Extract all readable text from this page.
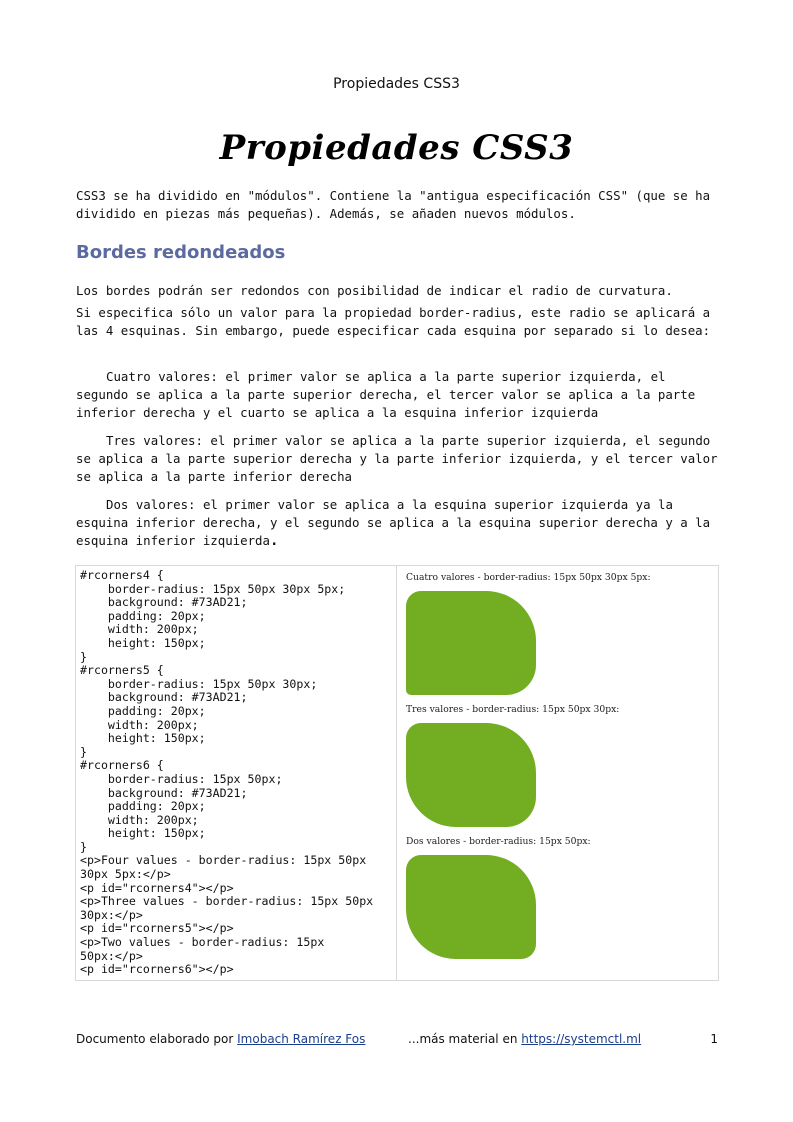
Propiedades CSS3
Propiedades CSS3
CSS3 se ha dividido en "módulos". Contiene la "antigua especificación CSS" (que se ha dividido en piezas más pequeñas). Además, se añaden nuevos módulos.
Bordes redondeados
Los bordes podrán ser redondos con posibilidad de indicar el radio de curvatura.
Si especifica sólo un valor para la propiedad border-radius, este radio se aplicará a las 4 esquinas. Sin embargo, puede especificar cada esquina por separado si lo desea:
Cuatro valores: el primer valor se aplica a la parte superior izquierda, el segundo se aplica a la parte superior derecha, el tercer valor se aplica a la parte inferior derecha y el cuarto se aplica a la esquina inferior izquierda
Tres valores: el primer valor se aplica a la parte superior izquierda, el segundo se aplica a la parte superior derecha y la parte inferior izquierda, y el tercer valor se aplica a la parte inferior derecha
Dos valores: el primer valor se aplica a la esquina superior izquierda ya la esquina inferior derecha, y el segundo se aplica a la esquina superior derecha y a la esquina inferior izquierda.
#rcorners4 {
border-radius: 15px 50px 30px 5px;
background: #73AD21;
padding: 20px;
width: 200px;
height: 150px;
}
#rcorners5 {
border-radius: 15px 50px 30px;
background: #73AD21;
padding: 20px;
width: 200px;
height: 150px;
}
#rcorners6 {
border-radius: 15px 50px;
background: #73AD21;
padding: 20px;
width: 200px;
height: 150px;
}
<p>Four values - border-radius: 15px 50px
30px 5px:</p>
<p id="rcorners4"></p>
<p>Three values - border-radius: 15px 50px
30px:</p>
<p id="rcorners5"></p>
<p>Two values - border-radius: 15px
50px:</p>
<p id="rcorners6"></p>
Cuatro valores - border-radius: 15px 50px 30px 5px:
Tres valores - border-radius: 15px 50px 30px:
Dos valores - border-radius: 15px 50px:
Documento elaborado por Imobach Ramírez Fos	...más material en https://systemctl.ml	1
